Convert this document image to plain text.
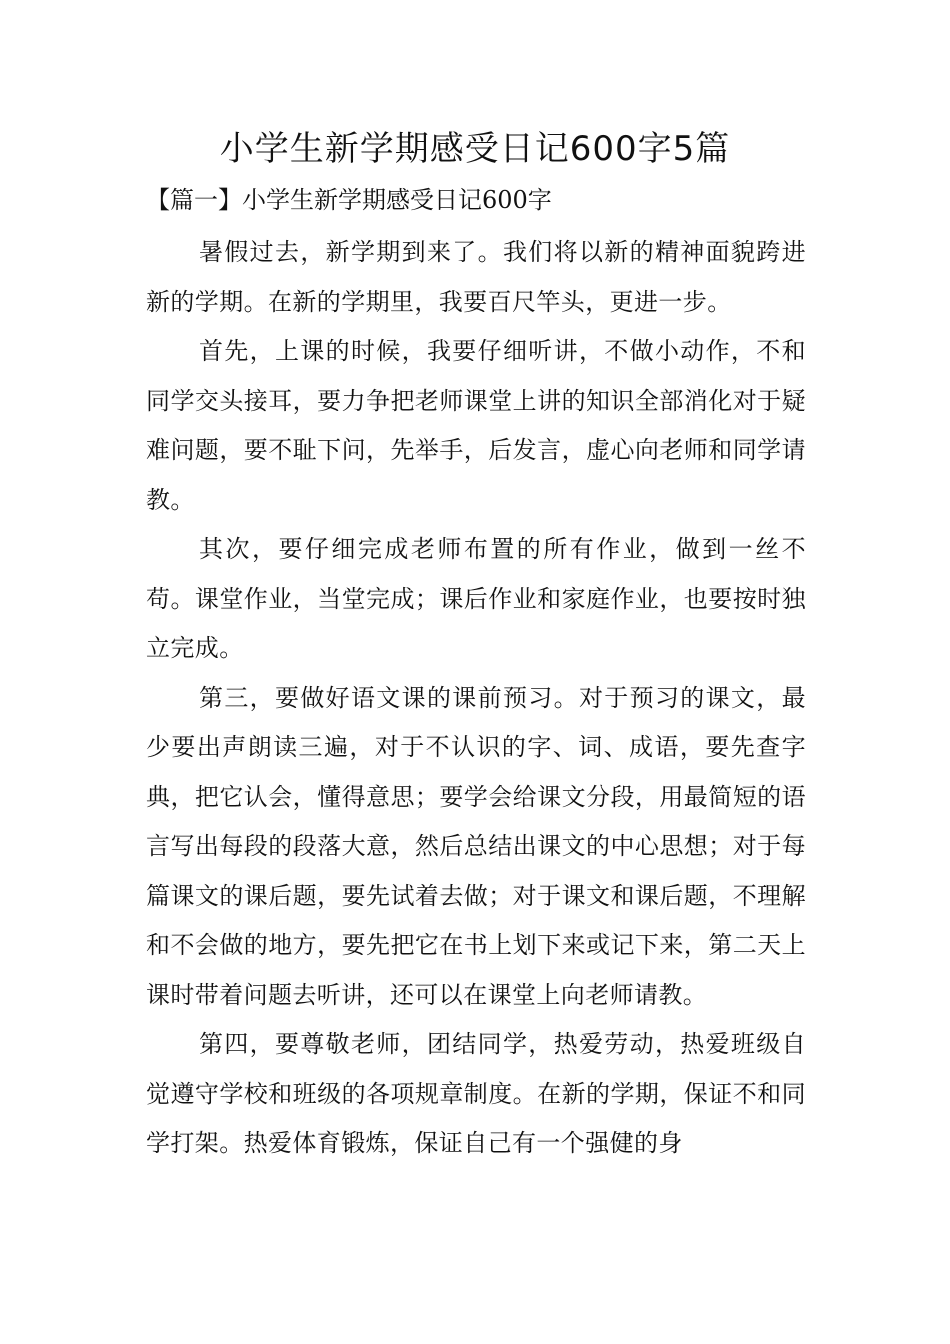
小学生新学期感受日记600字5篇
【篇一】小学生新学期感受日记600字

暑假过去，新学期到来了。我们将以新的精神面貌跨进新的学期。在新的学期里，我要百尺竿头，更进一步。

首先，上课的时候，我要仔细听讲，不做小动作，不和同学交头接耳，要力争把老师课堂上讲的知识全部消化对于疑难问题，要不耻下问，先举手，后发言，虚心向老师和同学请教。

其次，要仔细完成老师布置的所有作业，做到一丝不苟。课堂作业，当堂完成；课后作业和家庭作业，也要按时独立完成。

第三，要做好语文课的课前预习。对于预习的课文，最少要出声朗读三遍，对于不认识的字、词、成语，要先查字典，把它认会，懂得意思；要学会给课文分段，用最简短的语言写出每段的段落大意，然后总结出课文的中心思想；对于每篇课文的课后题，要先试着去做；对于课文和课后题，不理解和不会做的地方，要先把它在书上划下来或记下来，第二天上课时带着问题去听讲，还可以在课堂上向老师请教。

第四，要尊敬老师，团结同学，热爱劳动，热爱班级自觉遵守学校和班级的各项规章制度。在新的学期，保证不和同学打架。热爱体育锻炼，保证自己有一个强健的身
